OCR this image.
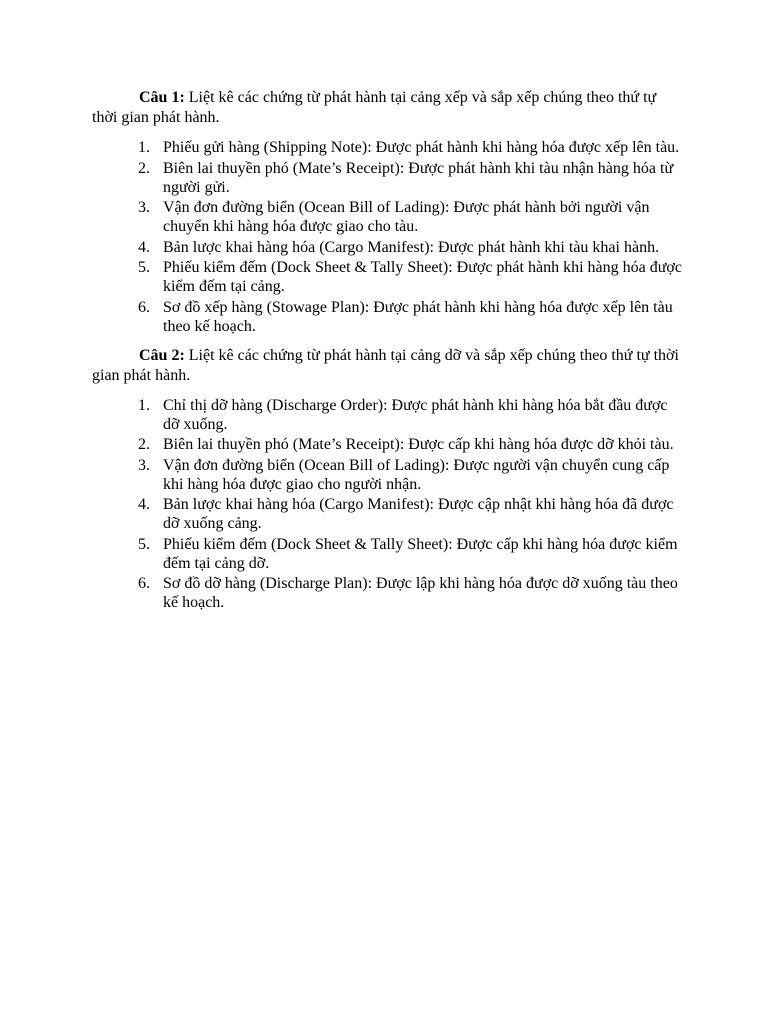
Câu 1: Liệt kê các chứng từ phát hành tại cảng xếp và sắp xếp chúng theo thứ tự thời gian phát hành.

1. Phiếu gửi hàng (Shipping Note): Được phát hành khi hàng hóa được xếp lên tàu.
2. Biên lai thuyền phó (Mate’s Receipt): Được phát hành khi tàu nhận hàng hóa từ người gửi.
3. Vận đơn đường biển (Ocean Bill of Lading): Được phát hành bởi người vận chuyển khi hàng hóa được giao cho tàu.
4. Bản lược khai hàng hóa (Cargo Manifest): Được phát hành khi tàu khai hành.
5. Phiếu kiểm đếm (Dock Sheet & Tally Sheet): Được phát hành khi hàng hóa được kiểm đếm tại cảng.
6. Sơ đồ xếp hàng (Stowage Plan): Được phát hành khi hàng hóa được xếp lên tàu theo kế hoạch.

Câu 2: Liệt kê các chứng từ phát hành tại cảng dỡ và sắp xếp chúng theo thứ tự thời gian phát hành.

1. Chỉ thị dỡ hàng (Discharge Order): Được phát hành khi hàng hóa bắt đầu được dỡ xuống.
2. Biên lai thuyền phó (Mate’s Receipt): Được cấp khi hàng hóa được dỡ khỏi tàu.
3. Vận đơn đường biển (Ocean Bill of Lading): Được người vận chuyển cung cấp khi hàng hóa được giao cho người nhận.
4. Bản lược khai hàng hóa (Cargo Manifest): Được cập nhật khi hàng hóa đã được dỡ xuống cảng.
5. Phiếu kiểm đếm (Dock Sheet & Tally Sheet): Được cấp khi hàng hóa được kiểm đếm tại cảng dỡ.
6. Sơ đồ dỡ hàng (Discharge Plan): Được lập khi hàng hóa được dỡ xuống tàu theo kế hoạch.
